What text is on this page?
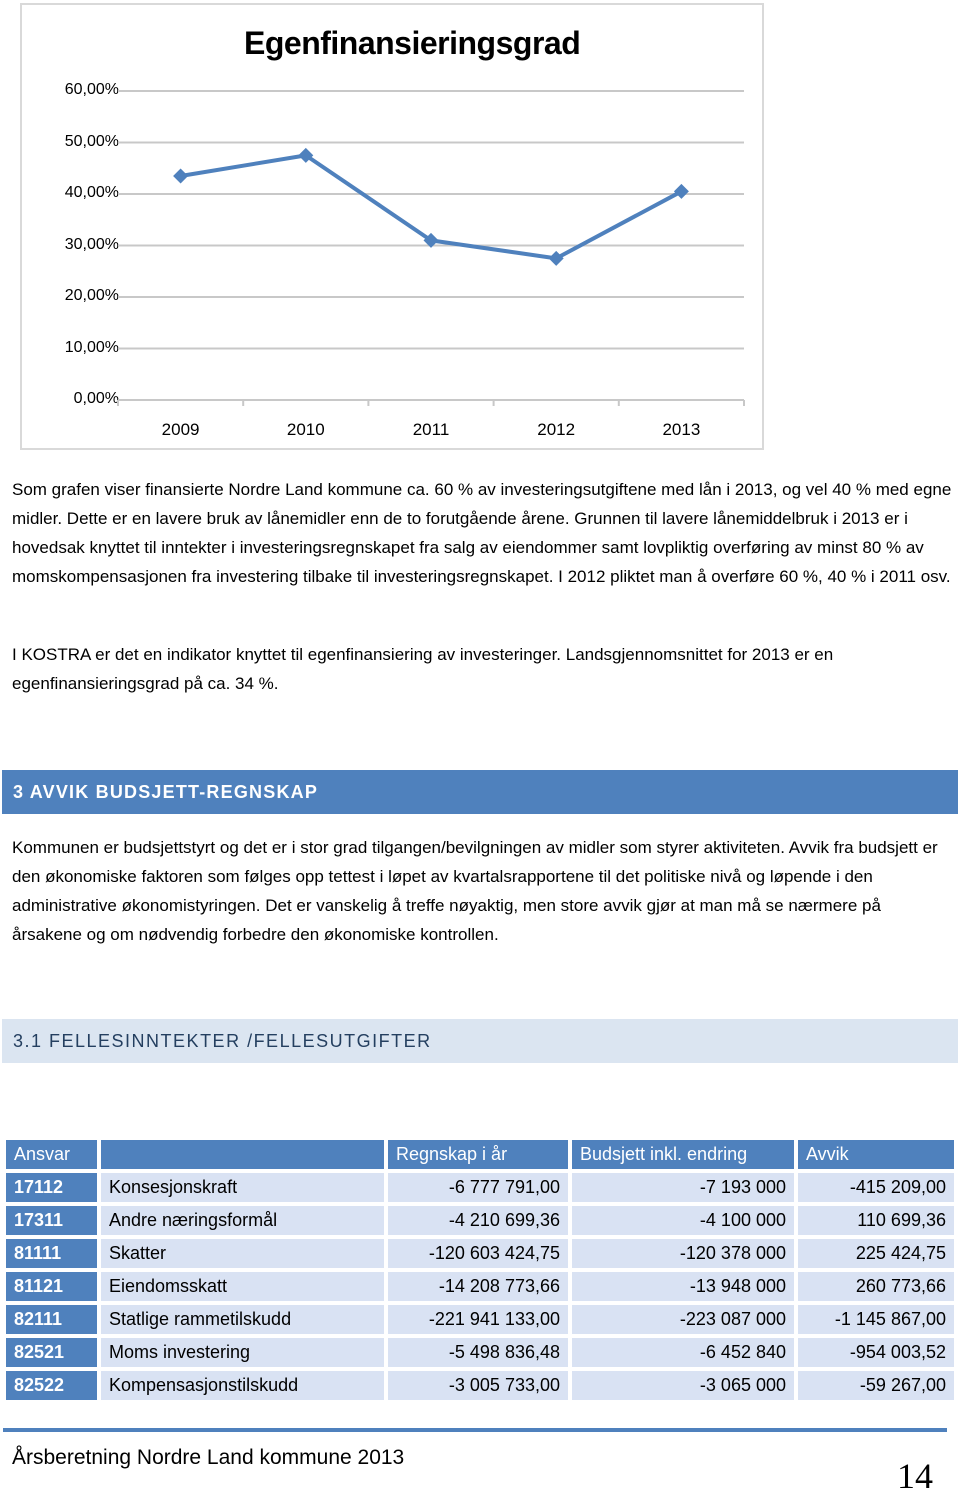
Egenfinansieringsgrad
60,00%
50,00%
40,00%
30,00%
20,00%
10,00%
0,00%
2009	2010	2011	2012	2013

Som grafen viser finansierte Nordre Land kommune ca. 60 % av investeringsutgiftene med lån i 2013, og vel 40 % med egne midler. Dette er en lavere bruk av lånemidler enn de to forutgående årene. Grunnen til lavere lånemiddelbruk i 2013 er i hovedsak knyttet til inntekter i investeringsregnskapet fra salg av eiendommer samt lovpliktig overføring av minst 80 % av momskompensasjonen fra investering tilbake til investeringsregnskapet. I 2012 pliktet man å overføre 60 %, 40 % i 2011 osv.

I KOSTRA er det en indikator knyttet til egenfinansiering av investeringer. Landsgjennomsnittet for 2013 er en egenfinansieringsgrad på ca. 34 %.

3 AVVIK BUDSJETT-REGNSKAP

Kommunen er budsjettstyrt og det er i stor grad tilgangen/bevilgningen av midler som styrer aktiviteten. Avvik fra budsjett er den økonomiske faktoren som følges opp tettest i løpet av kvartalsrapportene til det politiske nivå og løpende i den administrative økonomistyringen. Det er vanskelig å treffe nøyaktig, men store avvik gjør at man må se nærmere på årsakene og om nødvendig forbedre den økonomiske kontrollen.

3.1 FELLESINNTEKTER /FELLESUTGIFTER
Ansvar		Regnskap i år	Budsjett inkl. endring	Avvik
17112	Konsesjonskraft	-6 777 791,00	-7 193 000	-415 209,00
17311	Andre næringsformål	-4 210 699,36	-4 100 000	110 699,36
81111	Skatter	-120 603 424,75	-120 378 000	225 424,75
81121	Eiendomsskatt	-14 208 773,66	-13 948 000	260 773,66
82111	Statlige rammetilskudd	-221 941 133,00	-223 087 000	-1 145 867,00
82521	Moms investering	-5 498 836,48	-6 452 840	-954 003,52
82522	Kompensasjonstilskudd	-3 005 733,00	-3 065 000	-59 267,00
Årsberetning Nordre Land kommune 2013	14
